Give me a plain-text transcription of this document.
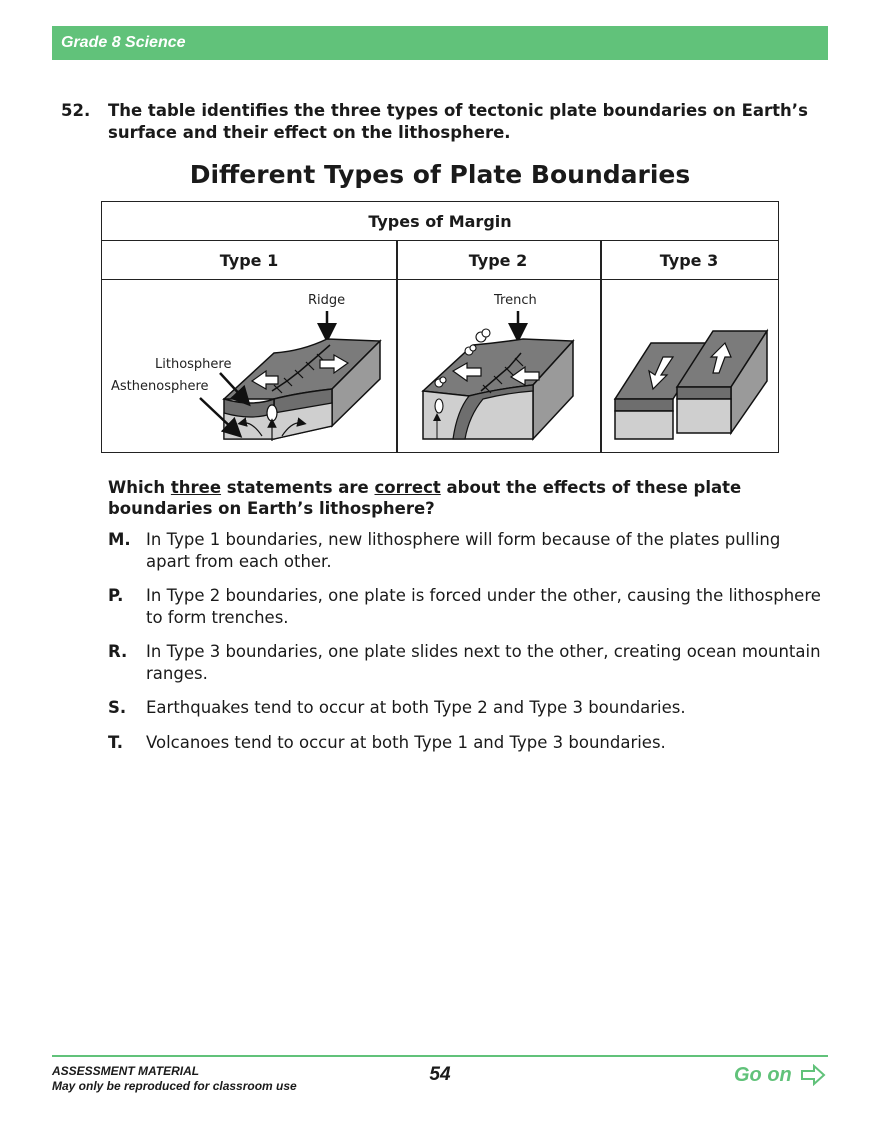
Grade 8 Science
52. The table identifies the three types of tectonic plate boundaries on Earth’s surface and their effect on the lithosphere.
Different Types of Plate Boundaries
Types of Margin
Type 1	Type 2	Type 3
Ridge
Lithosphere
Asthenosphere
Trench
Which three statements are correct about the effects of these plate boundaries on Earth’s lithosphere?
M. In Type 1 boundaries, new lithosphere will form because of the plates pulling apart from each other.
P. In Type 2 boundaries, one plate is forced under the other, causing the lithosphere to form trenches.
R. In Type 3 boundaries, one plate slides next to the other, creating ocean mountain ranges.
S. Earthquakes tend to occur at both Type 2 and Type 3 boundaries.
T. Volcanoes tend to occur at both Type 1 and Type 3 boundaries.
ASSESSMENT MATERIAL
May only be reproduced for classroom use
54	Go on
